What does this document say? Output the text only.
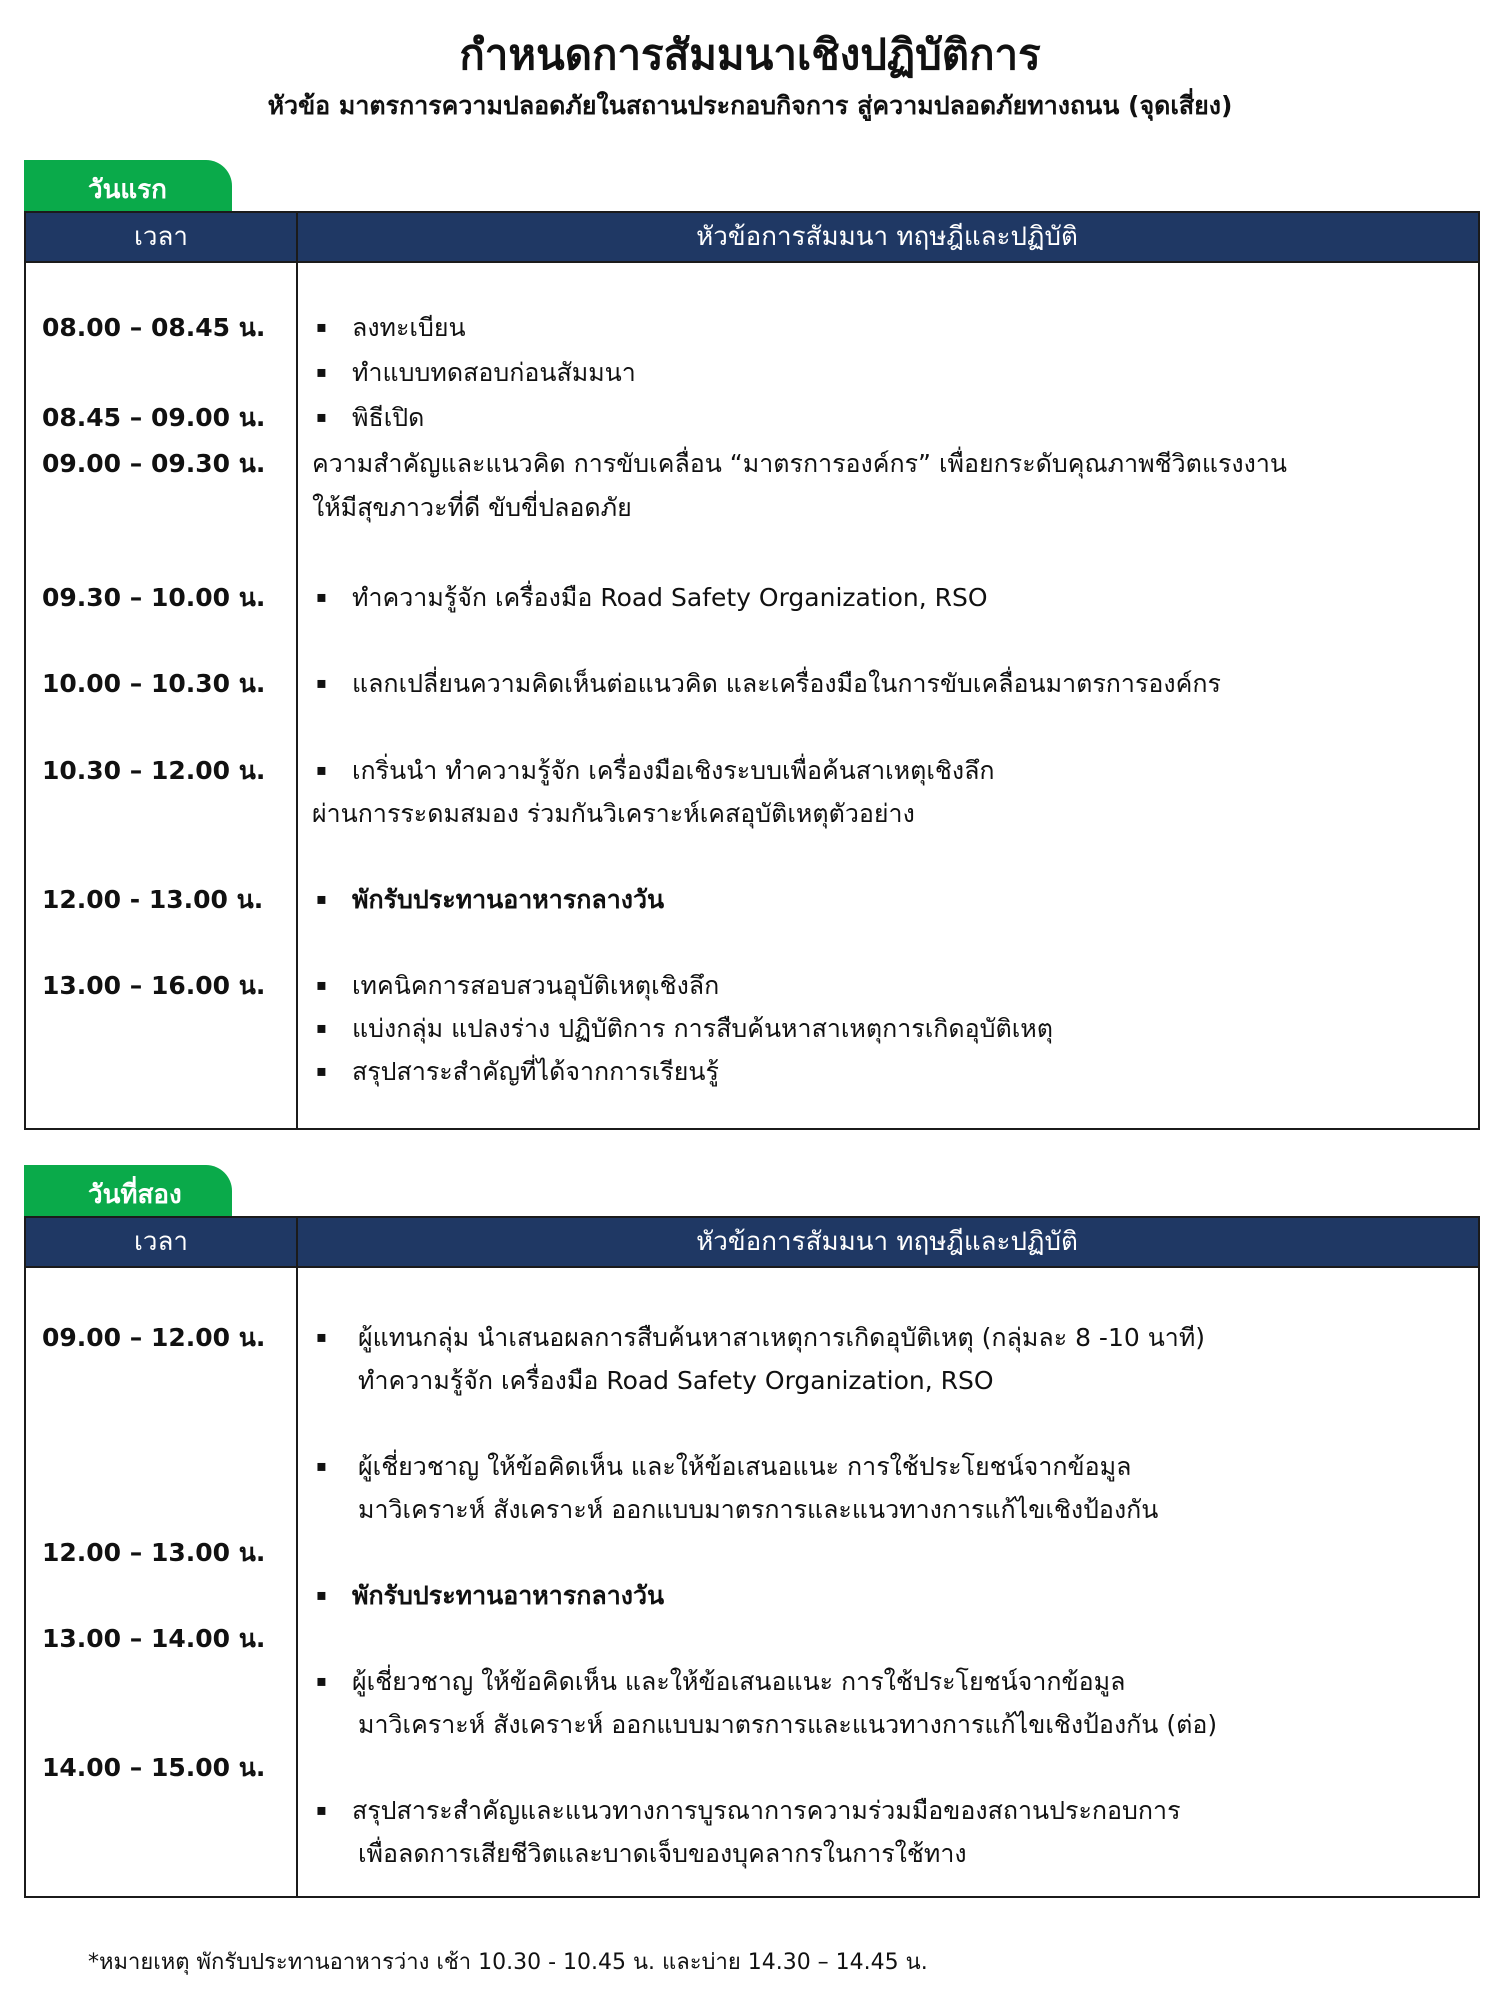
กำหนดการสัมมนาเชิงปฏิบัติการ
หัวข้อ มาตรการความปลอดภัยในสถานประกอบกิจการ สู่ความปลอดภัยทางถนน (จุดเสี่ยง)
วันแรก
เวลา	หัวข้อการสัมมนา ทฤษฎีและปฏิบัติ
08.00 – 08.45 น.
08.45 – 09.00 น.
09.00 – 09.30 น.
09.30 – 10.00 น.
10.00 – 10.30 น.
10.30 – 12.00 น.
12.00 - 13.00 น.
13.00 – 16.00 น.
▪ ลงทะเบียน
▪ ทำแบบทดสอบก่อนสัมมนา
▪ พิธีเปิด
ความสำคัญและแนวคิด การขับเคลื่อน “มาตรการองค์กร” เพื่อยกระดับคุณภาพชีวิตแรงงาน
ให้มีสุขภาวะที่ดี ขับขี่ปลอดภัย
▪ ทำความรู้จัก เครื่องมือ Road Safety Organization, RSO
▪ แลกเปลี่ยนความคิดเห็นต่อแนวคิด และเครื่องมือในการขับเคลื่อนมาตรการองค์กร
▪ เกริ่นนำ ทำความรู้จัก เครื่องมือเชิงระบบเพื่อค้นสาเหตุเชิงลึก
ผ่านการระดมสมอง ร่วมกันวิเคราะห์เคสอุบัติเหตุตัวอย่าง
▪ พักรับประทานอาหารกลางวัน
▪ เทคนิคการสอบสวนอุบัติเหตุเชิงลึก
▪ แบ่งกลุ่ม แปลงร่าง ปฏิบัติการ การสืบค้นหาสาเหตุการเกิดอุบัติเหตุ
▪ สรุปสาระสำคัญที่ได้จากการเรียนรู้
วันที่สอง
เวลา	หัวข้อการสัมมนา ทฤษฎีและปฏิบัติ
09.00 – 12.00 น.
12.00 – 13.00 น.
13.00 – 14.00 น.
14.00 – 15.00 น.
▪ ผู้แทนกลุ่ม นำเสนอผลการสืบค้นหาสาเหตุการเกิดอุบัติเหตุ (กลุ่มละ 8 -10 นาที)
ทำความรู้จัก เครื่องมือ Road Safety Organization, RSO
▪ ผู้เชี่ยวชาญ ให้ข้อคิดเห็น และให้ข้อเสนอแนะ การใช้ประโยชน์จากข้อมูล
มาวิเคราะห์ สังเคราะห์ ออกแบบมาตรการและแนวทางการแก้ไขเชิงป้องกัน
▪ พักรับประทานอาหารกลางวัน
▪ ผู้เชี่ยวชาญ ให้ข้อคิดเห็น และให้ข้อเสนอแนะ การใช้ประโยชน์จากข้อมูล
มาวิเคราะห์ สังเคราะห์ ออกแบบมาตรการและแนวทางการแก้ไขเชิงป้องกัน (ต่อ)
▪ สรุปสาระสำคัญและแนวทางการบูรณาการความร่วมมือของสถานประกอบการ
เพื่อลดการเสียชีวิตและบาดเจ็บของบุคลากรในการใช้ทาง
*หมายเหตุ พักรับประทานอาหารว่าง เช้า 10.30 - 10.45 น. และบ่าย 14.30 – 14.45 น.
